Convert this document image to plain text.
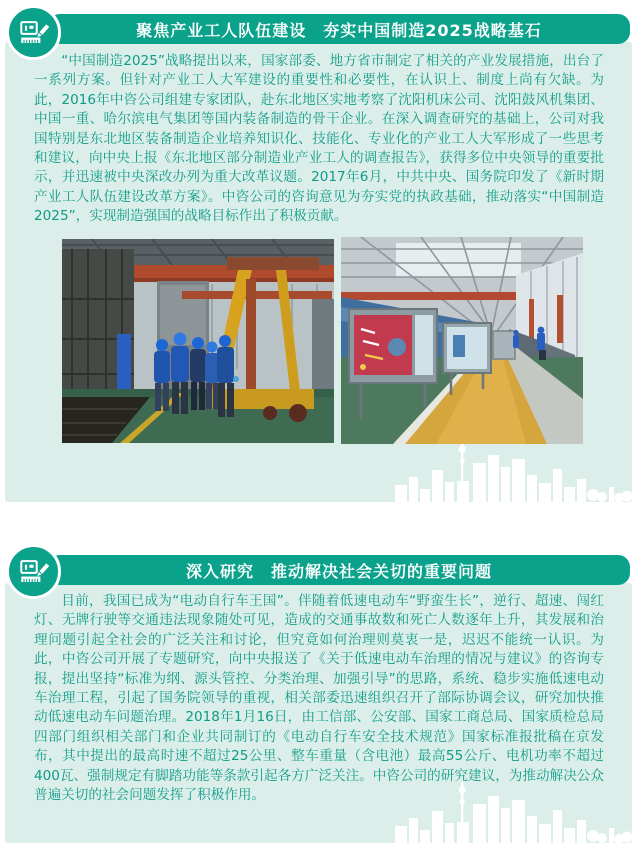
聚焦产业工人队伍建设　夯实中国制造2025战略基石

“中国制造2025”战略提出以来，国家部委、地方省市制定了相关的产业发展措施，出台了一系列方案。但针对产业工人大军建设的重要性和必要性，在认识上、制度上尚有欠缺。为此，2016年中咨公司组建专家团队，赴东北地区实地考察了沈阳机床公司、沈阳鼓风机集团、中国一重、哈尔滨电气集团等国内装备制造的骨干企业。在深入调查研究的基础上，公司对我国特别是东北地区装备制造企业培养知识化、技能化、专业化的产业工人大军形成了一些思考和建议，向中央上报《东北地区部分制造业产业工人的调查报告》，获得多位中央领导的重要批示，并迅速被中央深改办列为重大改革议题。2017年6月，中共中央、国务院印发了《新时期产业工人队伍建设改革方案》。中咨公司的咨询意见为夯实党的执政基础，推动落实“中国制造2025”，实现制造强国的战略目标作出了积极贡献。

深入研究　推动解决社会关切的重要问题

目前，我国已成为“电动自行车王国”。伴随着低速电动车“野蛮生长”，逆行、超速、闯红灯、无牌行驶等交通违法现象随处可见，造成的交通事故数和死亡人数逐年上升，其发展和治理问题引起全社会的广泛关注和讨论，但究竟如何治理则莫衷一是，迟迟不能统一认识。为此，中咨公司开展了专题研究，向中央报送了《关于低速电动车治理的情况与建议》的咨询专报，提出坚持“标准为纲、源头管控、分类治理、加强引导”的思路，系统、稳步实施低速电动车治理工程，引起了国务院领导的重视，相关部委迅速组织召开了部际协调会议，研究加快推动低速电动车问题治理。2018年1月16日，由工信部、公安部、国家工商总局、国家质检总局四部门组织相关部门和企业共同制订的《电动自行车安全技术规范》国家标准报批稿在京发布，其中提出的最高时速不超过25公里、整车重量（含电池）最高55公斤、电机功率不超过400瓦、强制规定有脚踏功能等条款引起各方广泛关注。中咨公司的研究建议，为推动解决公众普遍关切的社会问题发挥了积极作用。
